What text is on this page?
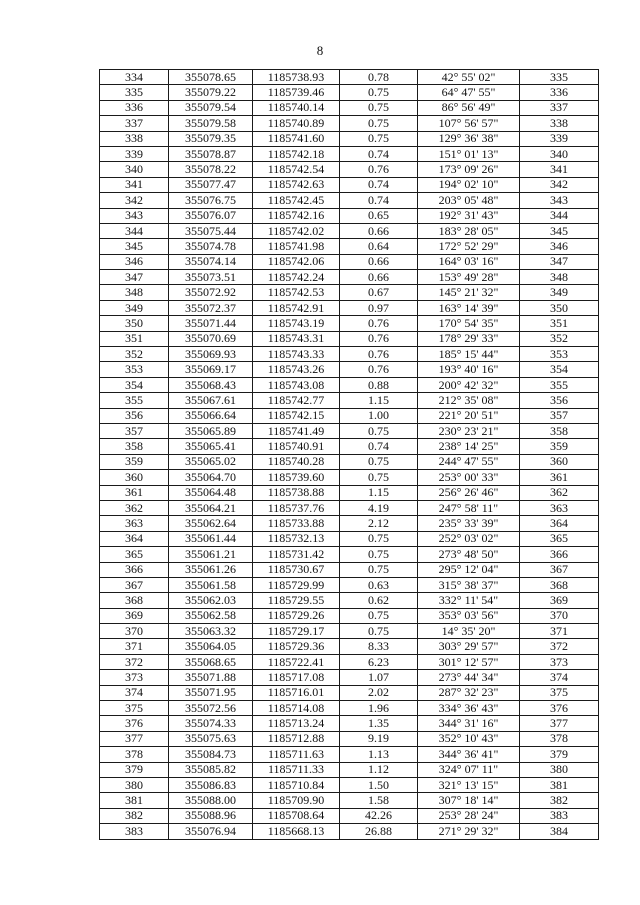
8
334	355078.65	1185738.93	0.78	42° 55' 02"	335
335	355079.22	1185739.46	0.75	64° 47' 55"	336
336	355079.54	1185740.14	0.75	86° 56' 49"	337
337	355079.58	1185740.89	0.75	107° 56' 57"	338
338	355079.35	1185741.60	0.75	129° 36' 38"	339
339	355078.87	1185742.18	0.74	151° 01' 13"	340
340	355078.22	1185742.54	0.76	173° 09' 26"	341
341	355077.47	1185742.63	0.74	194° 02' 10"	342
342	355076.75	1185742.45	0.74	203° 05' 48"	343
343	355076.07	1185742.16	0.65	192° 31' 43"	344
344	355075.44	1185742.02	0.66	183° 28' 05"	345
345	355074.78	1185741.98	0.64	172° 52' 29"	346
346	355074.14	1185742.06	0.66	164° 03' 16"	347
347	355073.51	1185742.24	0.66	153° 49' 28"	348
348	355072.92	1185742.53	0.67	145° 21' 32"	349
349	355072.37	1185742.91	0.97	163° 14' 39"	350
350	355071.44	1185743.19	0.76	170° 54' 35"	351
351	355070.69	1185743.31	0.76	178° 29' 33"	352
352	355069.93	1185743.33	0.76	185° 15' 44"	353
353	355069.17	1185743.26	0.76	193° 40' 16"	354
354	355068.43	1185743.08	0.88	200° 42' 32"	355
355	355067.61	1185742.77	1.15	212° 35' 08"	356
356	355066.64	1185742.15	1.00	221° 20' 51"	357
357	355065.89	1185741.49	0.75	230° 23' 21"	358
358	355065.41	1185740.91	0.74	238° 14' 25"	359
359	355065.02	1185740.28	0.75	244° 47' 55"	360
360	355064.70	1185739.60	0.75	253° 00' 33"	361
361	355064.48	1185738.88	1.15	256° 26' 46"	362
362	355064.21	1185737.76	4.19	247° 58' 11"	363
363	355062.64	1185733.88	2.12	235° 33' 39"	364
364	355061.44	1185732.13	0.75	252° 03' 02"	365
365	355061.21	1185731.42	0.75	273° 48' 50"	366
366	355061.26	1185730.67	0.75	295° 12' 04"	367
367	355061.58	1185729.99	0.63	315° 38' 37"	368
368	355062.03	1185729.55	0.62	332° 11' 54"	369
369	355062.58	1185729.26	0.75	353° 03' 56"	370
370	355063.32	1185729.17	0.75	14° 35' 20"	371
371	355064.05	1185729.36	8.33	303° 29' 57"	372
372	355068.65	1185722.41	6.23	301° 12' 57"	373
373	355071.88	1185717.08	1.07	273° 44' 34"	374
374	355071.95	1185716.01	2.02	287° 32' 23"	375
375	355072.56	1185714.08	1.96	334° 36' 43"	376
376	355074.33	1185713.24	1.35	344° 31' 16"	377
377	355075.63	1185712.88	9.19	352° 10' 43"	378
378	355084.73	1185711.63	1.13	344° 36' 41"	379
379	355085.82	1185711.33	1.12	324° 07' 11"	380
380	355086.83	1185710.84	1.50	321° 13' 15"	381
381	355088.00	1185709.90	1.58	307° 18' 14"	382
382	355088.96	1185708.64	42.26	253° 28' 24"	383
383	355076.94	1185668.13	26.88	271° 29' 32"	384
